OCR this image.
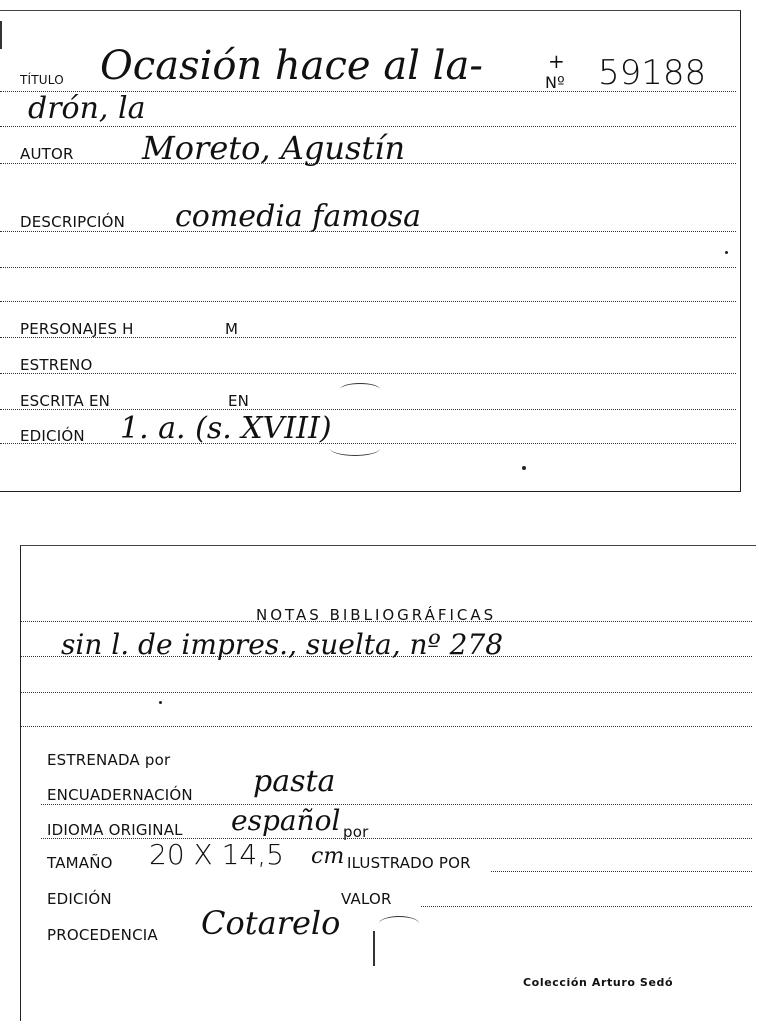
TÍTULO Ocasión hace al la-	Nº 59188
+
drón, la
AUTOR Moreto, Agustín
DESCRIPCIÓN comedia famosa
PERSONAJES H	M
ESTRENO
ESCRITA EN	EN
EDICIÓN 1. a. (s. XVIII)
NOTAS BIBLIOGRÁFICAS
sin l. de impres., suelta, nº 278
ESTRENADA por
ENCUADERNACIÓN pasta
IDIOMA ORIGINAL español por
TAMAÑO 20 X 14,5 cm ILUSTRADO POR
EDICIÓN	VALOR
PROCEDENCIA Cotarelo
Colección Arturo Sedó
